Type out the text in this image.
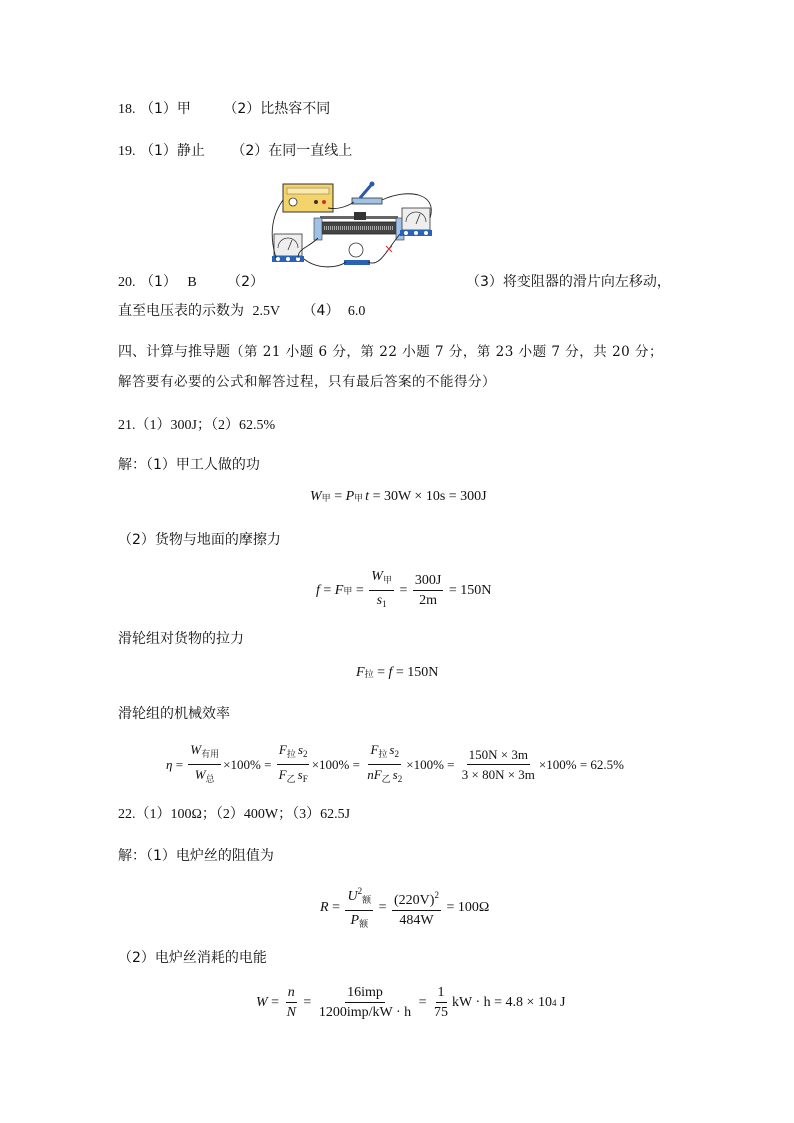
18. （1）甲 （2）比热容不同
19. （1）静止 （2）在同一直线上
20. （1） B （2）	（3）将变阻器的滑片向左移动，
直至电压表的示数为 2.5V （4） 6.0
四、计算与推导题（第 21 小题 6 分，第 22 小题 7 分，第 23 小题 7 分，共 20 分；
解答要有必要的公式和解答过程，只有最后答案的不能得分）
21.（1）300J；（2）62.5%
解：（1）甲工人做的功
W 甲 = P 甲 t = 30W × 10s = 300J
（2）货物与地面的摩擦力
f = F 甲 = $\frac{W_甲}{s_1} = \frac{300J}{2m} = 150N$
滑轮组对货物的拉力
F 拉 = f = 150N
滑轮组的机械效率
$\eta = \frac{W_{有用}}{W_总} \times 100\% = \frac{F_拉 s_2}{F_乙 s_F} \times 100\% = \frac{F_拉 s_2}{nF_乙 s_2} \times 100\% = \frac{150N \times 3m}{3 \times 80N \times 3m} \times 100\% = 62.5\%$
22.（1）100Ω；（2）400W；（3）62.5J
解：（1）电炉丝的阻值为
$R = \frac{U^2_额}{P_额} = \frac{(220V)^2}{484W} = 100\Omega$
（2）电炉丝消耗的电能
$W = \frac{n}{N} = \frac{\text{16imp}}{\text{1200imp/kW · h}} = \frac{1}{75}$ kW · h = 4.8 × 10 4 J
